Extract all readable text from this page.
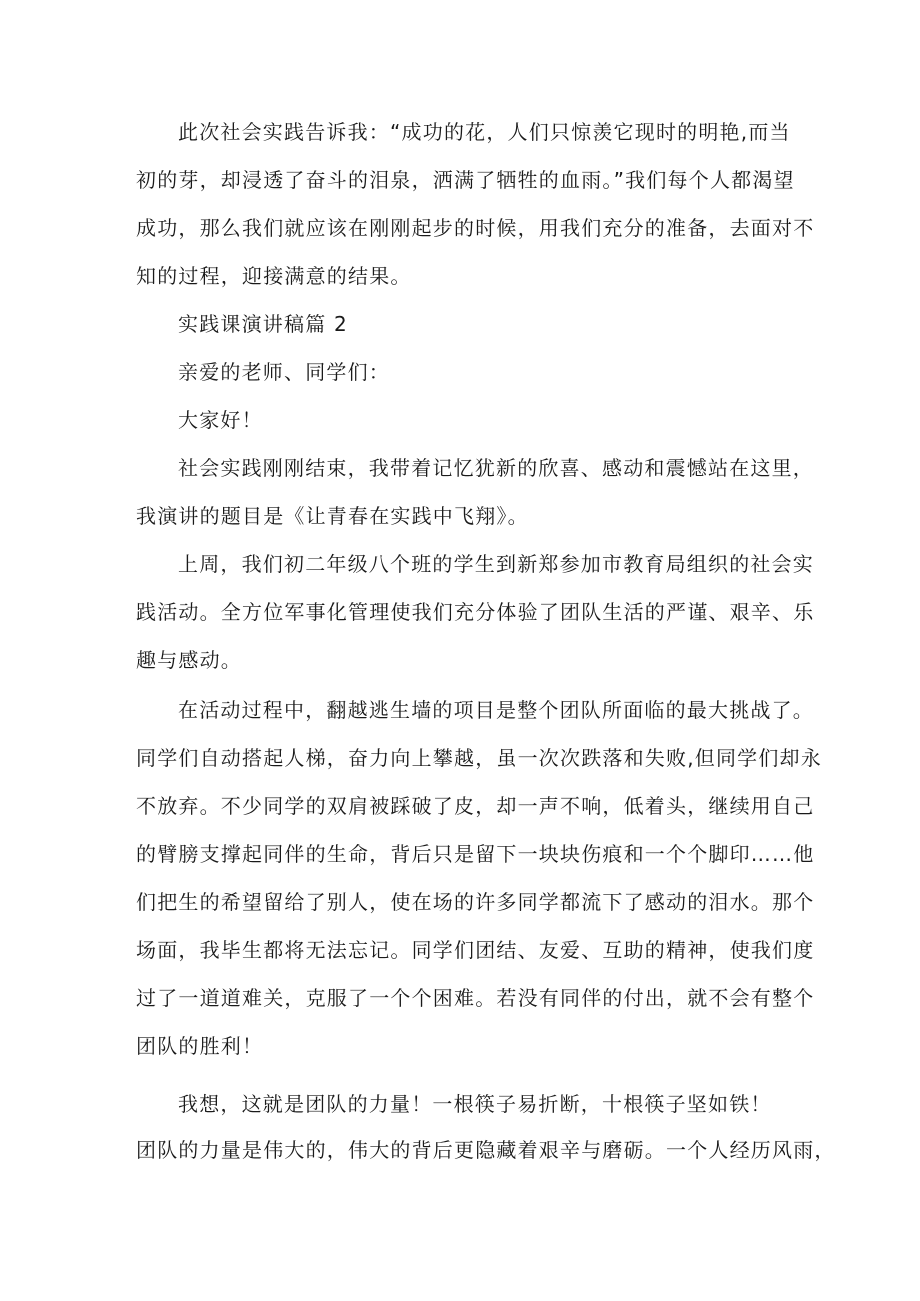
此次社会实践告诉我：“成功的花，人们只惊羡它现时的明艳,而当
初的芽，却浸透了奋斗的泪泉，洒满了牺牲的血雨。”我们每个人都渴望
成功，那么我们就应该在刚刚起步的时候，用我们充分的准备，去面对不
知的过程，迎接满意的结果。
实践课演讲稿篇 2
亲爱的老师、同学们：
大家好！
社会实践刚刚结束，我带着记忆犹新的欣喜、感动和震憾站在这里，
我演讲的题目是《让青春在实践中飞翔》。
上周，我们初二年级八个班的学生到新郑参加市教育局组织的社会实
践活动。全方位军事化管理使我们充分体验了团队生活的严谨、艰辛、乐
趣与感动。
在活动过程中，翻越逃生墙的项目是整个团队所面临的最大挑战了。
同学们自动搭起人梯，奋力向上攀越，虽一次次跌落和失败,但同学们却永
不放弃。不少同学的双肩被踩破了皮，却一声不响，低着头，继续用自己
的臂膀支撑起同伴的生命，背后只是留下一块块伤痕和一个个脚印……他
们把生的希望留给了别人，使在场的许多同学都流下了感动的泪水。那个
场面，我毕生都将无法忘记。同学们团结、友爱、互助的精神，使我们度
过了一道道难关，克服了一个个困难。若没有同伴的付出，就不会有整个
团队的胜利！
我想，这就是团队的力量！一根筷子易折断，十根筷子坚如铁！
团队的力量是伟大的，伟大的背后更隐藏着艰辛与磨砺。一个人经历风雨，
